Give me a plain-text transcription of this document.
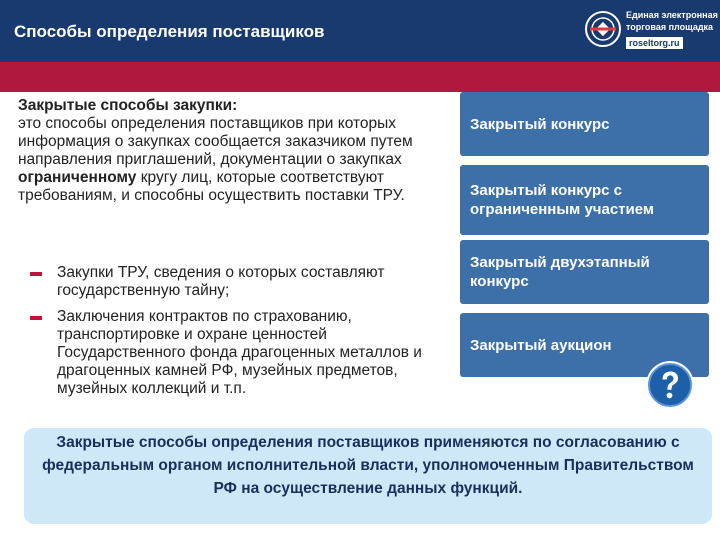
Способы определения поставщиков
Единая электронная
торговая площадка
roseltorg.ru
Закрытые способы закупки:
это способы определения поставщиков при которых информация о закупках сообщается заказчиком путем направления приглашений, документации о закупках ограниченному кругу лиц, которые соответствуют требованиям, и способны осуществить поставки ТРУ.
Закупки ТРУ, сведения о которых составляют государственную тайну;
Заключения контрактов по страхованию, транспортировке и охране ценностей Государственного фонда драгоценных металлов и драгоценных камней РФ, музейных предметов, музейных коллекций и т.п.
Закрытый конкурс
Закрытый конкурс с ограниченным участием
Закрытый двухэтапный конкурс
Закрытый аукцион
Закрытые способы определения поставщиков применяются по согласованию с федеральным органом исполнительной власти, уполномоченным Правительством РФ на осуществление данных функций.
